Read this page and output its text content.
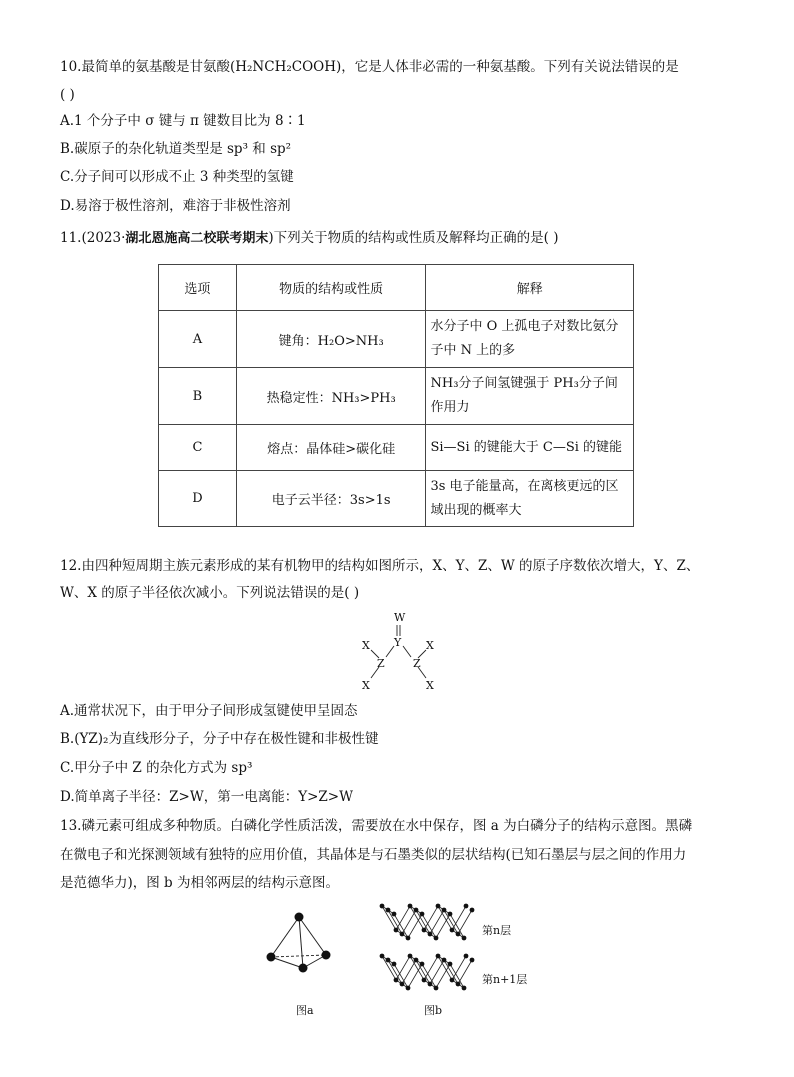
10.最简单的氨基酸是甘氨酸(H₂NCH₂COOH)，它是人体非必需的一种氨基酸。下列有关说法错误的是
( )
A.1 个分子中 σ 键与 π 键数目比为 8∶1
B.碳原子的杂化轨道类型是 sp³ 和 sp²
C.分子间可以形成不止 3 种类型的氢键
D.易溶于极性溶剂，难溶于非极性溶剂
11.(2023·湖北恩施高二校联考期末)下列关于物质的结构或性质及解释均正确的是( )
选项	物质的结构或性质	解释
A	键角：H₂O>NH₃	水分子中 O 上孤电子对数比氨分子中 N 上的多
B	热稳定性：NH₃>PH₃	NH₃分子间氢键强于 PH₃分子间作用力
C	熔点：晶体硅>碳化硅	Si—Si 的键能大于 C—Si 的键能
D	电子云半径：3s>1s	3s 电子能量高，在离核更远的区域出现的概率大
12.由四种短周期主族元素形成的某有机物甲的结构如图所示，X、Y、Z、W 的原子序数依次增大，Y、Z、
W、X 的原子半径依次减小。下列说法错误的是( )
W
Y
Z	Z
X	X
X	X
A.通常状况下，由于甲分子间形成氢键使甲呈固态
B.(YZ)₂为直线形分子，分子中存在极性键和非极性键
C.甲分子中 Z 的杂化方式为 sp³
D.简单离子半径：Z>W，第一电离能：Y>Z>W
13.磷元素可组成多种物质。白磷化学性质活泼，需要放在水中保存，图 a 为白磷分子的结构示意图。黑磷
在微电子和光探测领域有独特的应用价值，其晶体是与石墨类似的层状结构(已知石墨层与层之间的作用力
是范德华力)，图 b 为相邻两层的结构示意图。
图a
第n层
第n+1层
图b
